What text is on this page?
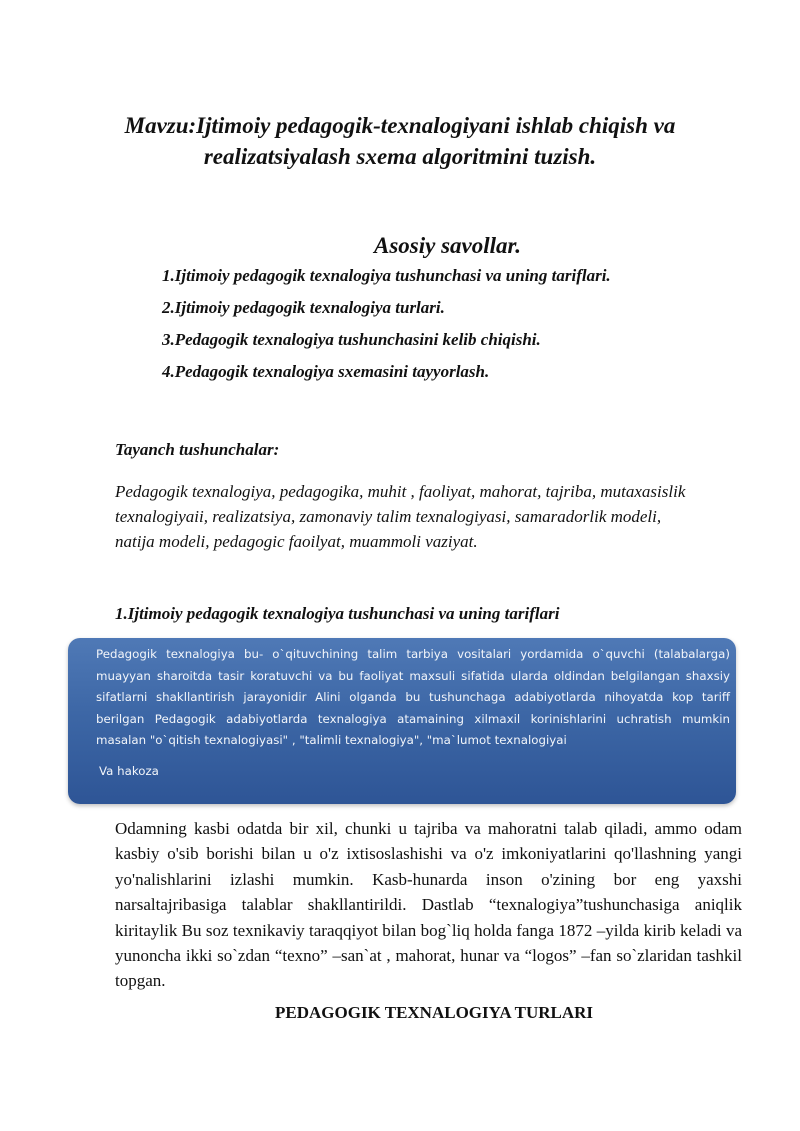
Mavzu:Ijtimoiy pedagogik-texnalogiyani ishlab chiqish va realizatsiyalash sxema algoritmini tuzish.
Asosiy savollar.
1.Ijtimoiy pedagogik texnalogiya tushunchasi va uning tariflari.
2.Ijtimoiy pedagogik texnalogiya turlari.
3.Pedagogik texnalogiya tushunchasini kelib chiqishi.
4.Pedagogik texnalogiya sxemasini tayyorlash.
Tayanch tushunchalar:
Pedagogik texnalogiya, pedagogika, muhit , faoliyat, mahorat, tajriba, mutaxasislik texnalogiyaii, realizatsiya, zamonaviy talim texnalogiyasi, samaradorlik modeli, natija modeli, pedagogic faoilyat, muammoli vaziyat.
1.Ijtimoiy pedagogik texnalogiya tushunchasi va uning tariflari

Pedagogik texnalogiya bu- o`qituvchining talim tarbiya vositalari yordamida o`quvchi (talabalarga) muayyan sharoitda tasir koratuvchi va bu faoliyat maxsuli sifatida ularda oldindan belgilangan shaxsiy sifatlarni shakllantirish jarayonidir Alini olganda bu tushunchaga adabiyotlarda nihoyatda kop tariff berilgan Pedagogik adabiyotlarda texnalogiya atamaining xilmaxil korinishlarini uchratish mumkin masalan "o`qitish texnalogiyasi" , "talimli texnalogiya", "ma`lumot texnalogiyai

Va hakoza
Odamning kasbi odatda bir xil, chunki u tajriba va mahoratni talab qiladi, ammo odam kasbiy o'sib borishi bilan u o'z ixtisoslashishi va o'z imkoniyatlarini qo'llashning yangi yo'nalishlarini izlashi mumkin. Kasb-hunarda inson o'zining bor eng yaxshi narsaltajribasiga talablar shakllantirildi. Dastlab “texnalogiya”tushunchasiga aniqlik kiritaylik Bu soz texnikaviy taraqqiyot bilan bog`liq holda fanga 1872 –yilda kirib keladi va yunoncha ikki so`zdan “texno” –san`at , mahorat, hunar va “logos” –fan so`zlaridan tashkil topgan.
PEDAGOGIK TEXNALOGIYA TURLARI
